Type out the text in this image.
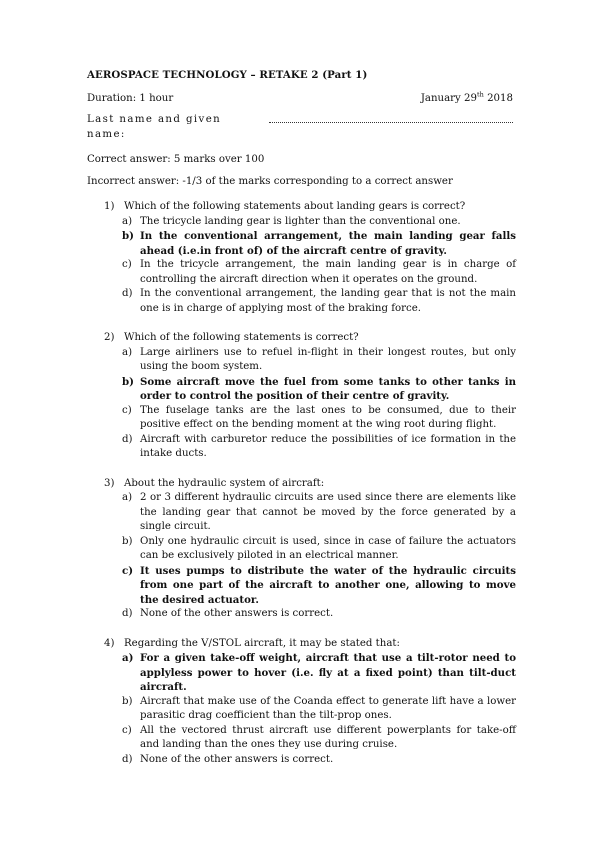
AEROSPACE TECHNOLOGY – RETAKE 2 (Part 1)
Duration: 1 hour	January 29th 2018
Last name and given name:
Correct answer: 5 marks over 100
Incorrect answer: -1/3 of the marks corresponding to a correct answer
1) Which of the following statements about landing gears is correct?
a) The tricycle landing gear is lighter than the conventional one.
b) In the conventional arrangement, the main landing gear falls ahead (i.e.in front of) of the aircraft centre of gravity.
c) In the tricycle arrangement, the main landing gear is in charge of controlling the aircraft direction when it operates on the ground.
d) In the conventional arrangement, the landing gear that is not the main one is in charge of applying most of the braking force.
2) Which of the following statements is correct?
a) Large airliners use to refuel in-flight in their longest routes, but only using the boom system.
b) Some aircraft move the fuel from some tanks to other tanks in order to control the position of their centre of gravity.
c) The fuselage tanks are the last ones to be consumed, due to their positive effect on the bending moment at the wing root during flight.
d) Aircraft with carburetor reduce the possibilities of ice formation in the intake ducts.
3) About the hydraulic system of aircraft:
a) 2 or 3 different hydraulic circuits are used since there are elements like the landing gear that cannot be moved by the force generated by a single circuit.
b) Only one hydraulic circuit is used, since in case of failure the actuators can be exclusively piloted in an electrical manner.
c) It uses pumps to distribute the water of the hydraulic circuits from one part of the aircraft to another one, allowing to move the desired actuator.
d) None of the other answers is correct.
4) Regarding the V/STOL aircraft, it may be stated that:
a) For a given take-off weight, aircraft that use a tilt-rotor need to applyless power to hover (i.e. fly at a fixed point) than tilt-duct aircraft.
b) Aircraft that make use of the Coanda effect to generate lift have a lower parasitic drag coefficient than the tilt-prop ones.
c) All the vectored thrust aircraft use different powerplants for take-off and landing than the ones they use during cruise.
d) None of the other answers is correct.
